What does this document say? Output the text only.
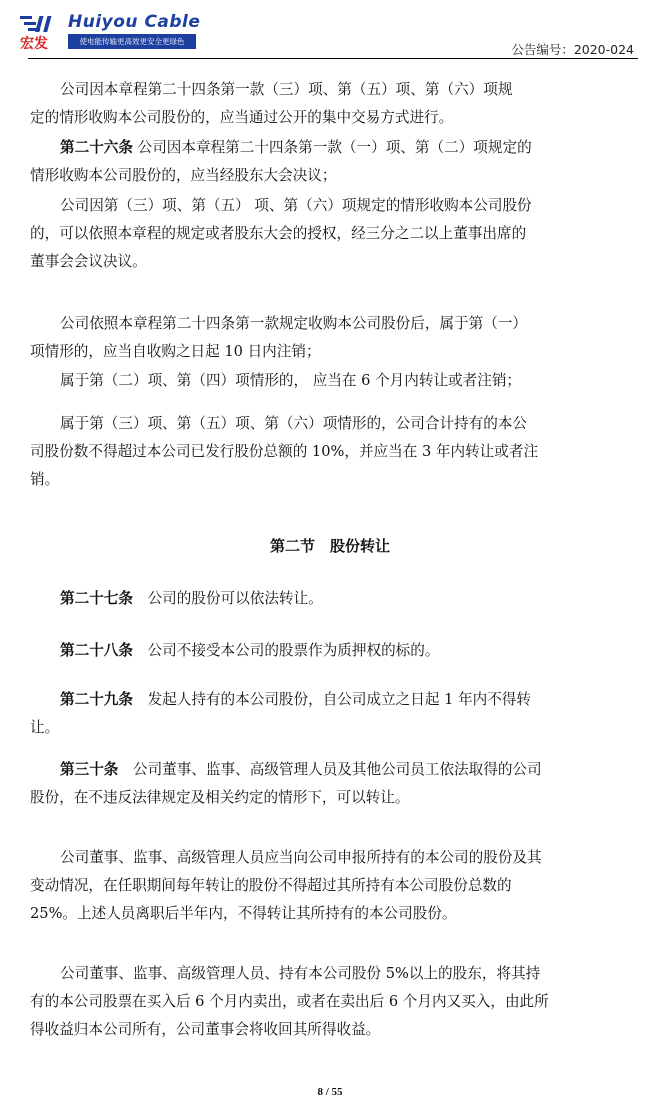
宏发
Huiyou Cable
使电能传输更高效更安全更绿色
公告编号：2020-024
公司因本章程第二十四条第一款（三）项、第（五）项、第（六）项规
定的情形收购本公司股份的，应当通过公开的集中交易方式进行。
第二十六条 公司因本章程第二十四条第一款（一）项、第（二）项规定的
情形收购本公司股份的，应当经股东大会决议；
公司因第（三）项、第（五） 项、第（六）项规定的情形收购本公司股份
的，可以依照本章程的规定或者股东大会的授权，经三分之二以上董事出席的
董事会会议决议。
公司依照本章程第二十四条第一款规定收购本公司股份后，属于第（一）
项情形的，应当自收购之日起 10 日内注销；
属于第（二）项、第（四）项情形的， 应当在 6 个月内转让或者注销；
属于第（三）项、第（五）项、第（六）项情形的，公司合计持有的本公
司股份数不得超过本公司已发行股份总额的 10%，并应当在 3 年内转让或者注
销。
第二十七条　公司的股份可以依法转让。
第二十八条　公司不接受本公司的股票作为质押权的标的。
第二十九条　发起人持有的本公司股份，自公司成立之日起 1 年内不得转
让。
第三十条　公司董事、监事、高级管理人员及其他公司员工依法取得的公司
股份，在不违反法律规定及相关约定的情形下，可以转让。
公司董事、监事、高级管理人员应当向公司申报所持有的本公司的股份及其
变动情况，在任职期间每年转让的股份不得超过其所持有本公司股份总数的
25%。上述人员离职后半年内，不得转让其所持有的本公司股份。
公司董事、监事、高级管理人员、持有本公司股份 5%以上的股东，将其持
有的本公司股票在买入后 6 个月内卖出，或者在卖出后 6 个月内又买入，由此所
得收益归本公司所有，公司董事会将收回其所得收益。
第二节　股份转让
8 / 55
